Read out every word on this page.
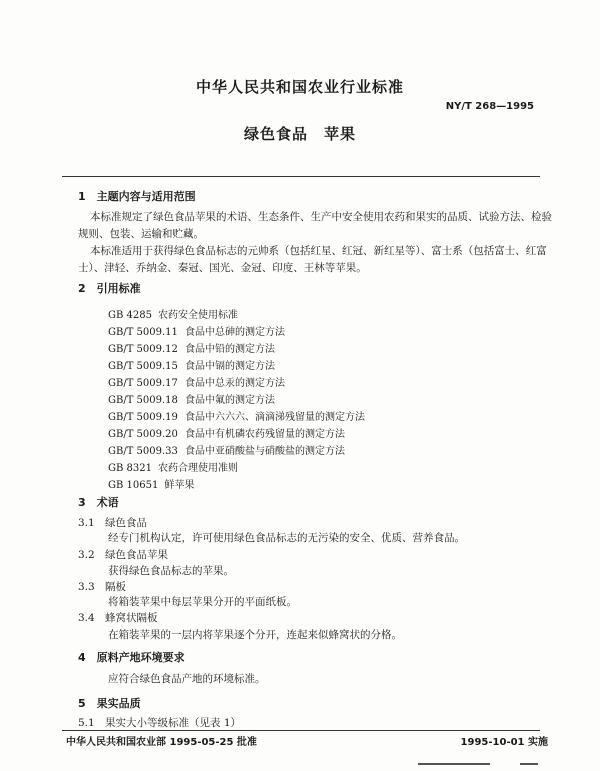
中华人民共和国农业行业标准
NY/T 268—1995
绿色食品　苹果
1　主题内容与适用范围
本标准规定了绿色食品苹果的术语、生态条件、生产中安全使用农药和果实的品质、试验方法、检验
规则、包装、运输和贮藏。
本标准适用于获得绿色食品标志的元帅系（包括红星、红冠、新红星等）、富士系（包括富士、红富
士）、津轻、乔纳金、秦冠、国光、金冠、印度、王林等苹果。
2　引用标准
GB 4285 农药安全使用标准
GB/T 5009.11 食品中总砷的测定方法
GB/T 5009.12 食品中铅的测定方法
GB/T 5009.15 食品中镉的测定方法
GB/T 5009.17 食品中总汞的测定方法
GB/T 5009.18 食品中氟的测定方法
GB/T 5009.19 食品中六六六、滴滴涕残留量的测定方法
GB/T 5009.20 食品中有机磷农药残留量的测定方法
GB/T 5009.33 食品中亚硝酸盐与硝酸盐的测定方法
GB 8321 农药合理使用准则
GB 10651 鲜苹果
3　术语
3.1 绿色食品
经专门机构认定，许可使用绿色食品标志的无污染的安全、优质、营养食品。
3.2 绿色食品苹果
获得绿色食品标志的苹果。
3.3 隔板
将箱装苹果中每层苹果分开的平面纸板。
3.4 蜂窝状隔板
在箱装苹果的一层内将苹果逐个分开，连起来似蜂窝状的分格。
4　原料产地环境要求
应符合绿色食品产地的环境标准。
5　果实品质
5.1 果实大小等级标准（见表 1）
中华人民共和国农业部 1995-05-25 批准	1995-10-01 实施
